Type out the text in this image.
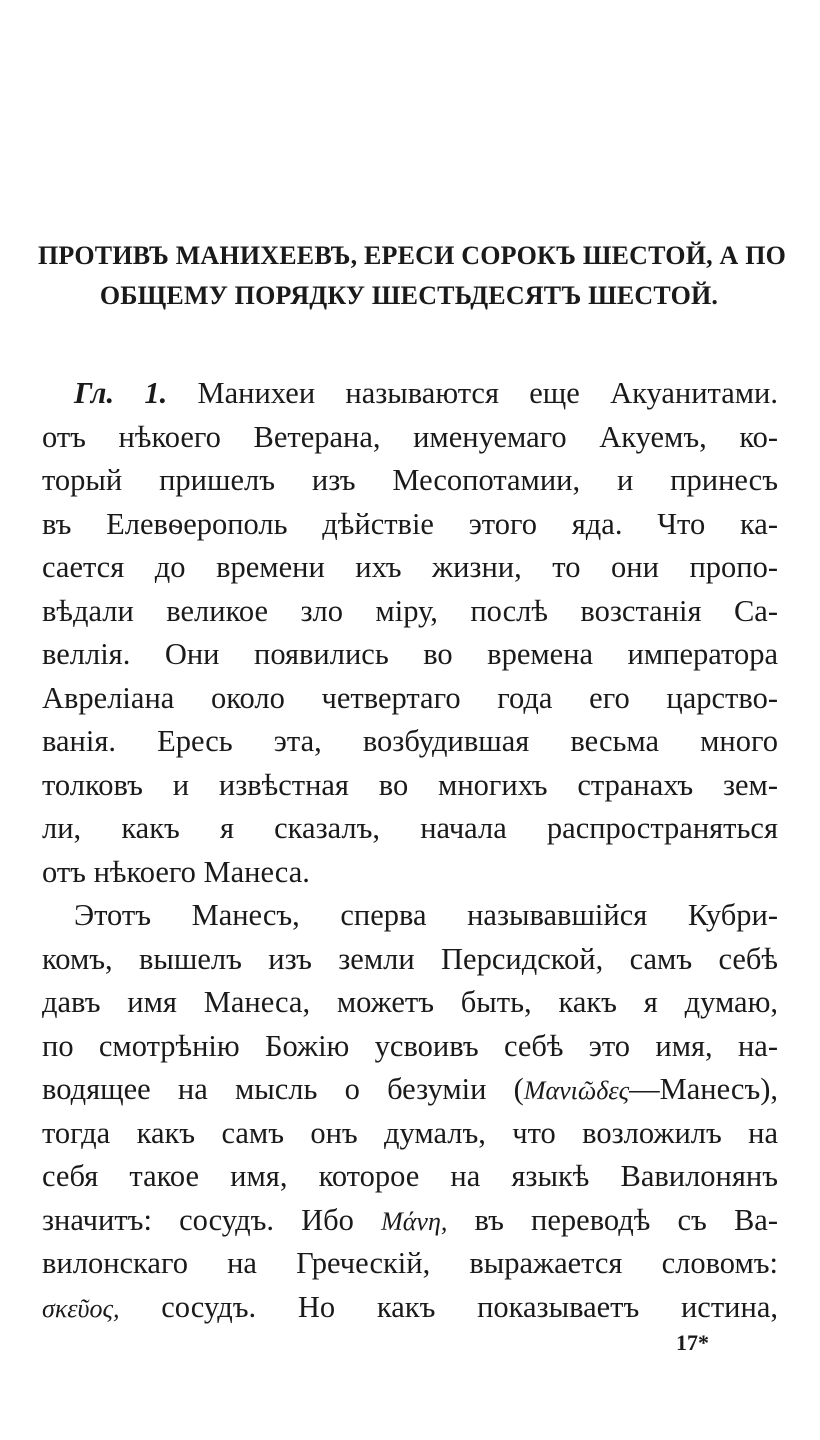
ПРОТИВЪ МАНИХЕЕВЪ, ЕРЕСИ СОРОКЪ ШЕСТОЙ, А ПО
ОБЩЕМУ ПОРЯДКУ ШЕСТЬДЕСЯТЪ ШЕСТОЙ.
Гл. 1. Манихеи называются еще Акуанитами.
отъ нѣкоего Ветерана, именуемаго Акуемъ, ко-
торый пришелъ изъ Месопотамии, и принесъ
въ Елевѳерополь дѣйствіе этого яда. Что ка-
сается до времени ихъ жизни, то они пропо-
вѣдали великое зло міру, послѣ возстанія Са-
веллія. Они появились во времена императора
Авреліана около четвертаго года его царство-
ванія. Ересь эта, возбудившая весьма много
толковъ и извѣстная во многихъ странахъ зем-
ли, какъ я сказалъ, начала распространяться
отъ нѣкоего Манеса.
Этотъ Манесъ, сперва называвшійся Кубри-
комъ, вышелъ изъ земли Персидской, самъ себѣ
давъ имя Манеса, можетъ быть, какъ я думаю,
по смотрѣнію Божію усвоивъ себѣ это имя, на-
водящее на мысль о безуміи (Μανιῶδες—Манесъ),
тогда какъ самъ онъ думалъ, что возложилъ на
себя такое имя, которое на языкѣ Вавилонянъ
значитъ: сосудъ. Ибо Μάνη, въ переводѣ съ Ва-
вилонскаго на Греческій, выражается словомъ:
σκεῦος, сосудъ. Но какъ показываетъ истина,
17*
